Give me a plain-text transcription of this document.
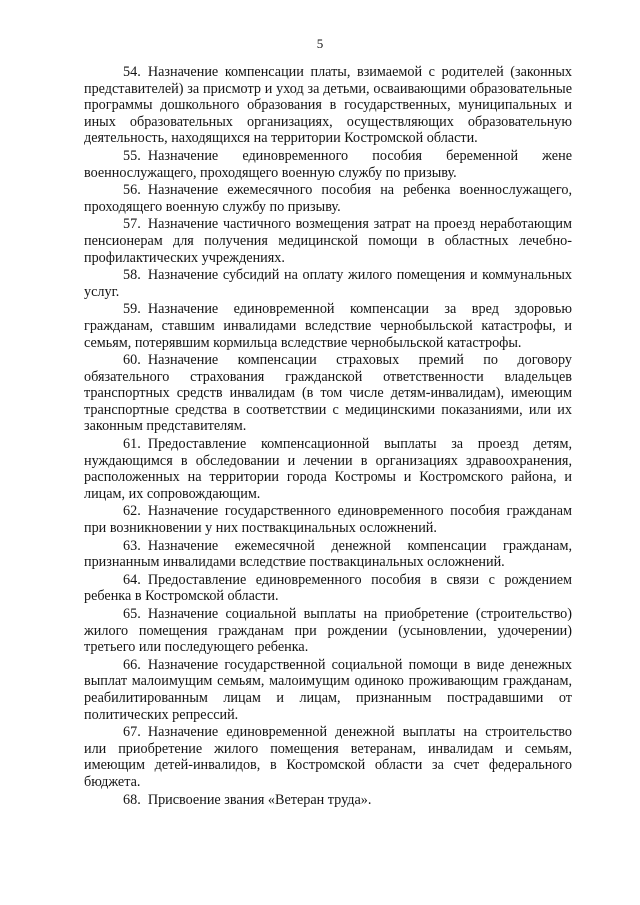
5

54.  Назначение компенсации платы, взимаемой с родителей (законных представителей) за присмотр и уход за детьми, осваивающими образовательные программы дошкольного образования в государственных, муниципальных и иных образовательных организациях, осуществляющих образовательную деятельность, находящихся на территории Костромской области.

55.  Назначение единовременного пособия беременной жене военнослужащего, проходящего военную службу по призыву.

56.  Назначение ежемесячного пособия на ребенка военнослужащего, проходящего военную службу по призыву.

57.  Назначение частичного возмещения затрат на проезд неработающим пенсионерам для получения медицинской помощи в областных лечебно-профилактических учреждениях.

58.  Назначение субсидий на оплату жилого помещения и коммунальных услуг.

59.  Назначение единовременной компенсации за вред здоровью гражданам, ставшим инвалидами вследствие чернобыльской катастрофы, и семьям, потерявшим кормильца вследствие чернобыльской катастрофы.

60.  Назначение компенсации страховых премий по договору обязательного страхования гражданской ответственности владельцев транспортных средств инвалидам (в том числе детям-инвалидам), имеющим транспортные средства в соответствии с медицинскими показаниями, или их законным представителям.

61.  Предоставление компенсационной выплаты за проезд детям, нуждающимся в обследовании и лечении в организациях здравоохранения, расположенных на территории города Костромы и Костромского района, и лицам, их сопровождающим.

62.  Назначение государственного единовременного пособия гражданам при возникновении у них поствакцинальных осложнений.

63.  Назначение ежемесячной денежной компенсации гражданам, признанным инвалидами вследствие поствакцинальных осложнений.

64.  Предоставление единовременного пособия в связи с рождением ребенка в Костромской области.

65.  Назначение социальной выплаты на приобретение (строительство) жилого помещения гражданам при рождении (усыновлении, удочерении) третьего или последующего ребенка.

66.  Назначение государственной социальной помощи в виде денежных выплат малоимущим семьям, малоимущим одиноко проживающим гражданам, реабилитированным лицам и лицам, признанным пострадавшими от политических репрессий.

67.  Назначение единовременной денежной выплаты на строительство или приобретение жилого помещения ветеранам, инвалидам и семьям, имеющим детей-инвалидов, в Костромской области за счет федерального бюджета.

68.  Присвоение звания «Ветеран труда».
